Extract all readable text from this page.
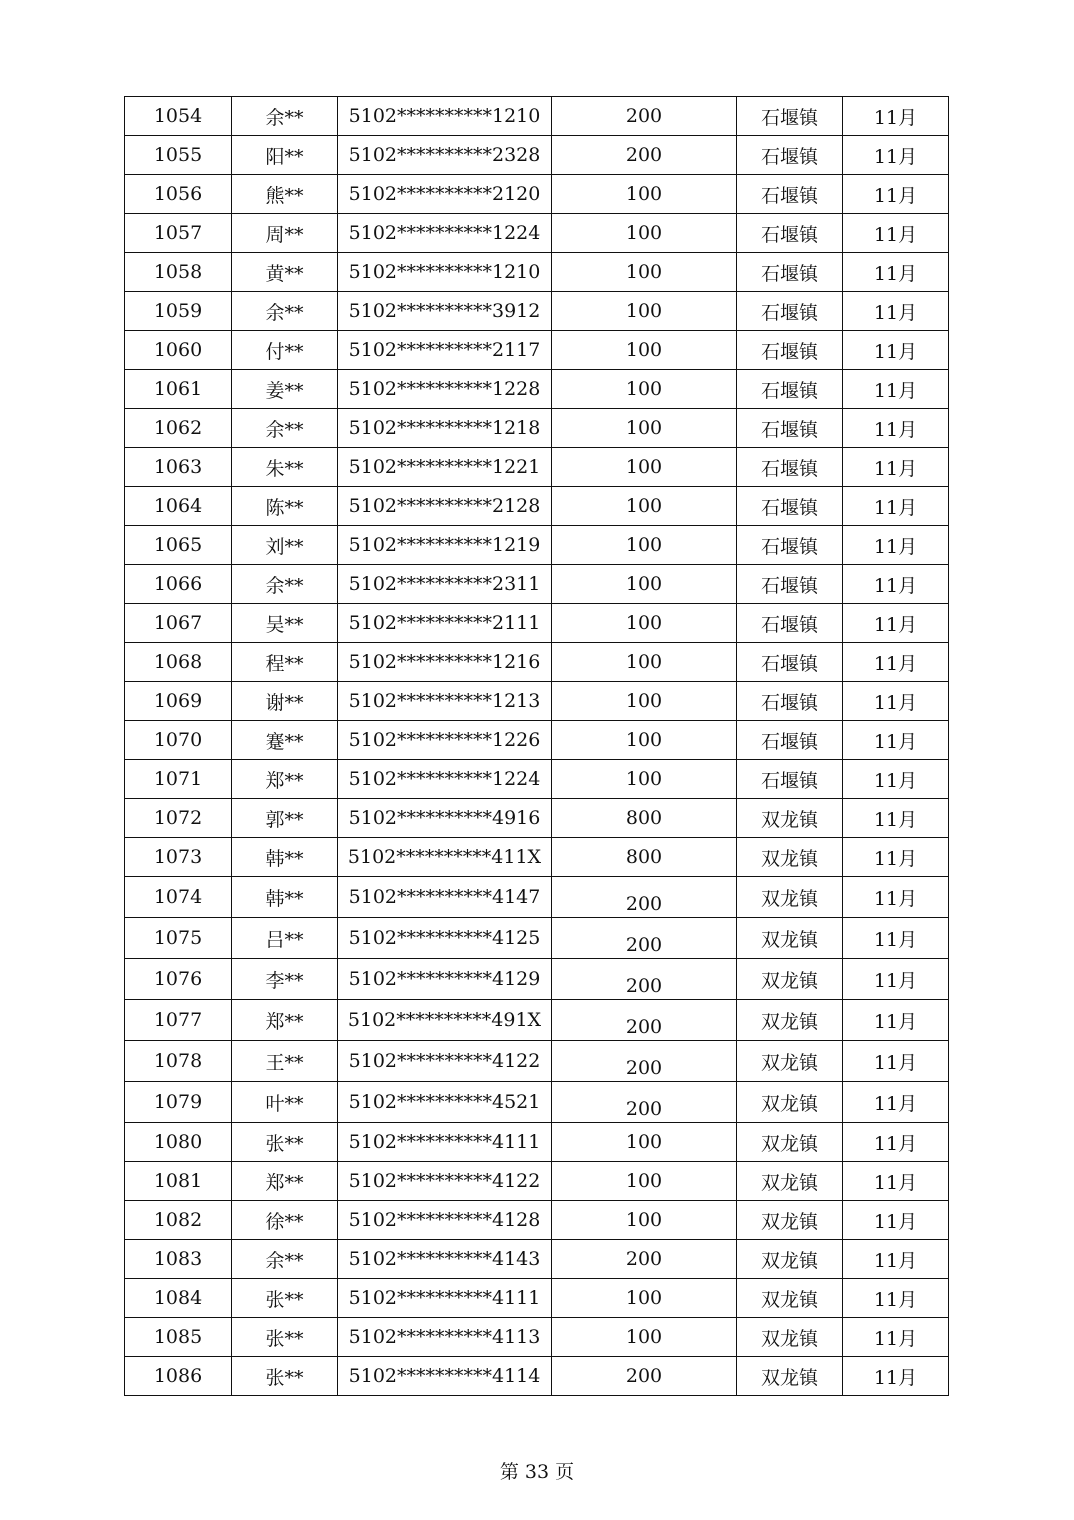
1054	余**	5102**********1210	200	石堰镇	11月
1055	阳**	5102**********2328	200	石堰镇	11月
1056	熊**	5102**********2120	100	石堰镇	11月
1057	周**	5102**********1224	100	石堰镇	11月
1058	黄**	5102**********1210	100	石堰镇	11月
1059	余**	5102**********3912	100	石堰镇	11月
1060	付**	5102**********2117	100	石堰镇	11月
1061	姜**	5102**********1228	100	石堰镇	11月
1062	余**	5102**********1218	100	石堰镇	11月
1063	朱**	5102**********1221	100	石堰镇	11月
1064	陈**	5102**********2128	100	石堰镇	11月
1065	刘**	5102**********1219	100	石堰镇	11月
1066	余**	5102**********2311	100	石堰镇	11月
1067	吴**	5102**********2111	100	石堰镇	11月
1068	程**	5102**********1216	100	石堰镇	11月
1069	谢**	5102**********1213	100	石堰镇	11月
1070	蹇**	5102**********1226	100	石堰镇	11月
1071	郑**	5102**********1224	100	石堰镇	11月
1072	郭**	5102**********4916	800	双龙镇	11月
1073	韩**	5102**********411X	800	双龙镇	11月
1074	韩**	5102**********4147	200	双龙镇	11月
1075	吕**	5102**********4125	200	双龙镇	11月
1076	李**	5102**********4129	200	双龙镇	11月
1077	郑**	5102**********491X	200	双龙镇	11月
1078	王**	5102**********4122	200	双龙镇	11月
1079	叶**	5102**********4521	200	双龙镇	11月
1080	张**	5102**********4111	100	双龙镇	11月
1081	郑**	5102**********4122	100	双龙镇	11月
1082	徐**	5102**********4128	100	双龙镇	11月
1083	余**	5102**********4143	200	双龙镇	11月
1084	张**	5102**********4111	100	双龙镇	11月
1085	张**	5102**********4113	100	双龙镇	11月
1086	张**	5102**********4114	200	双龙镇	11月
第 33 页
